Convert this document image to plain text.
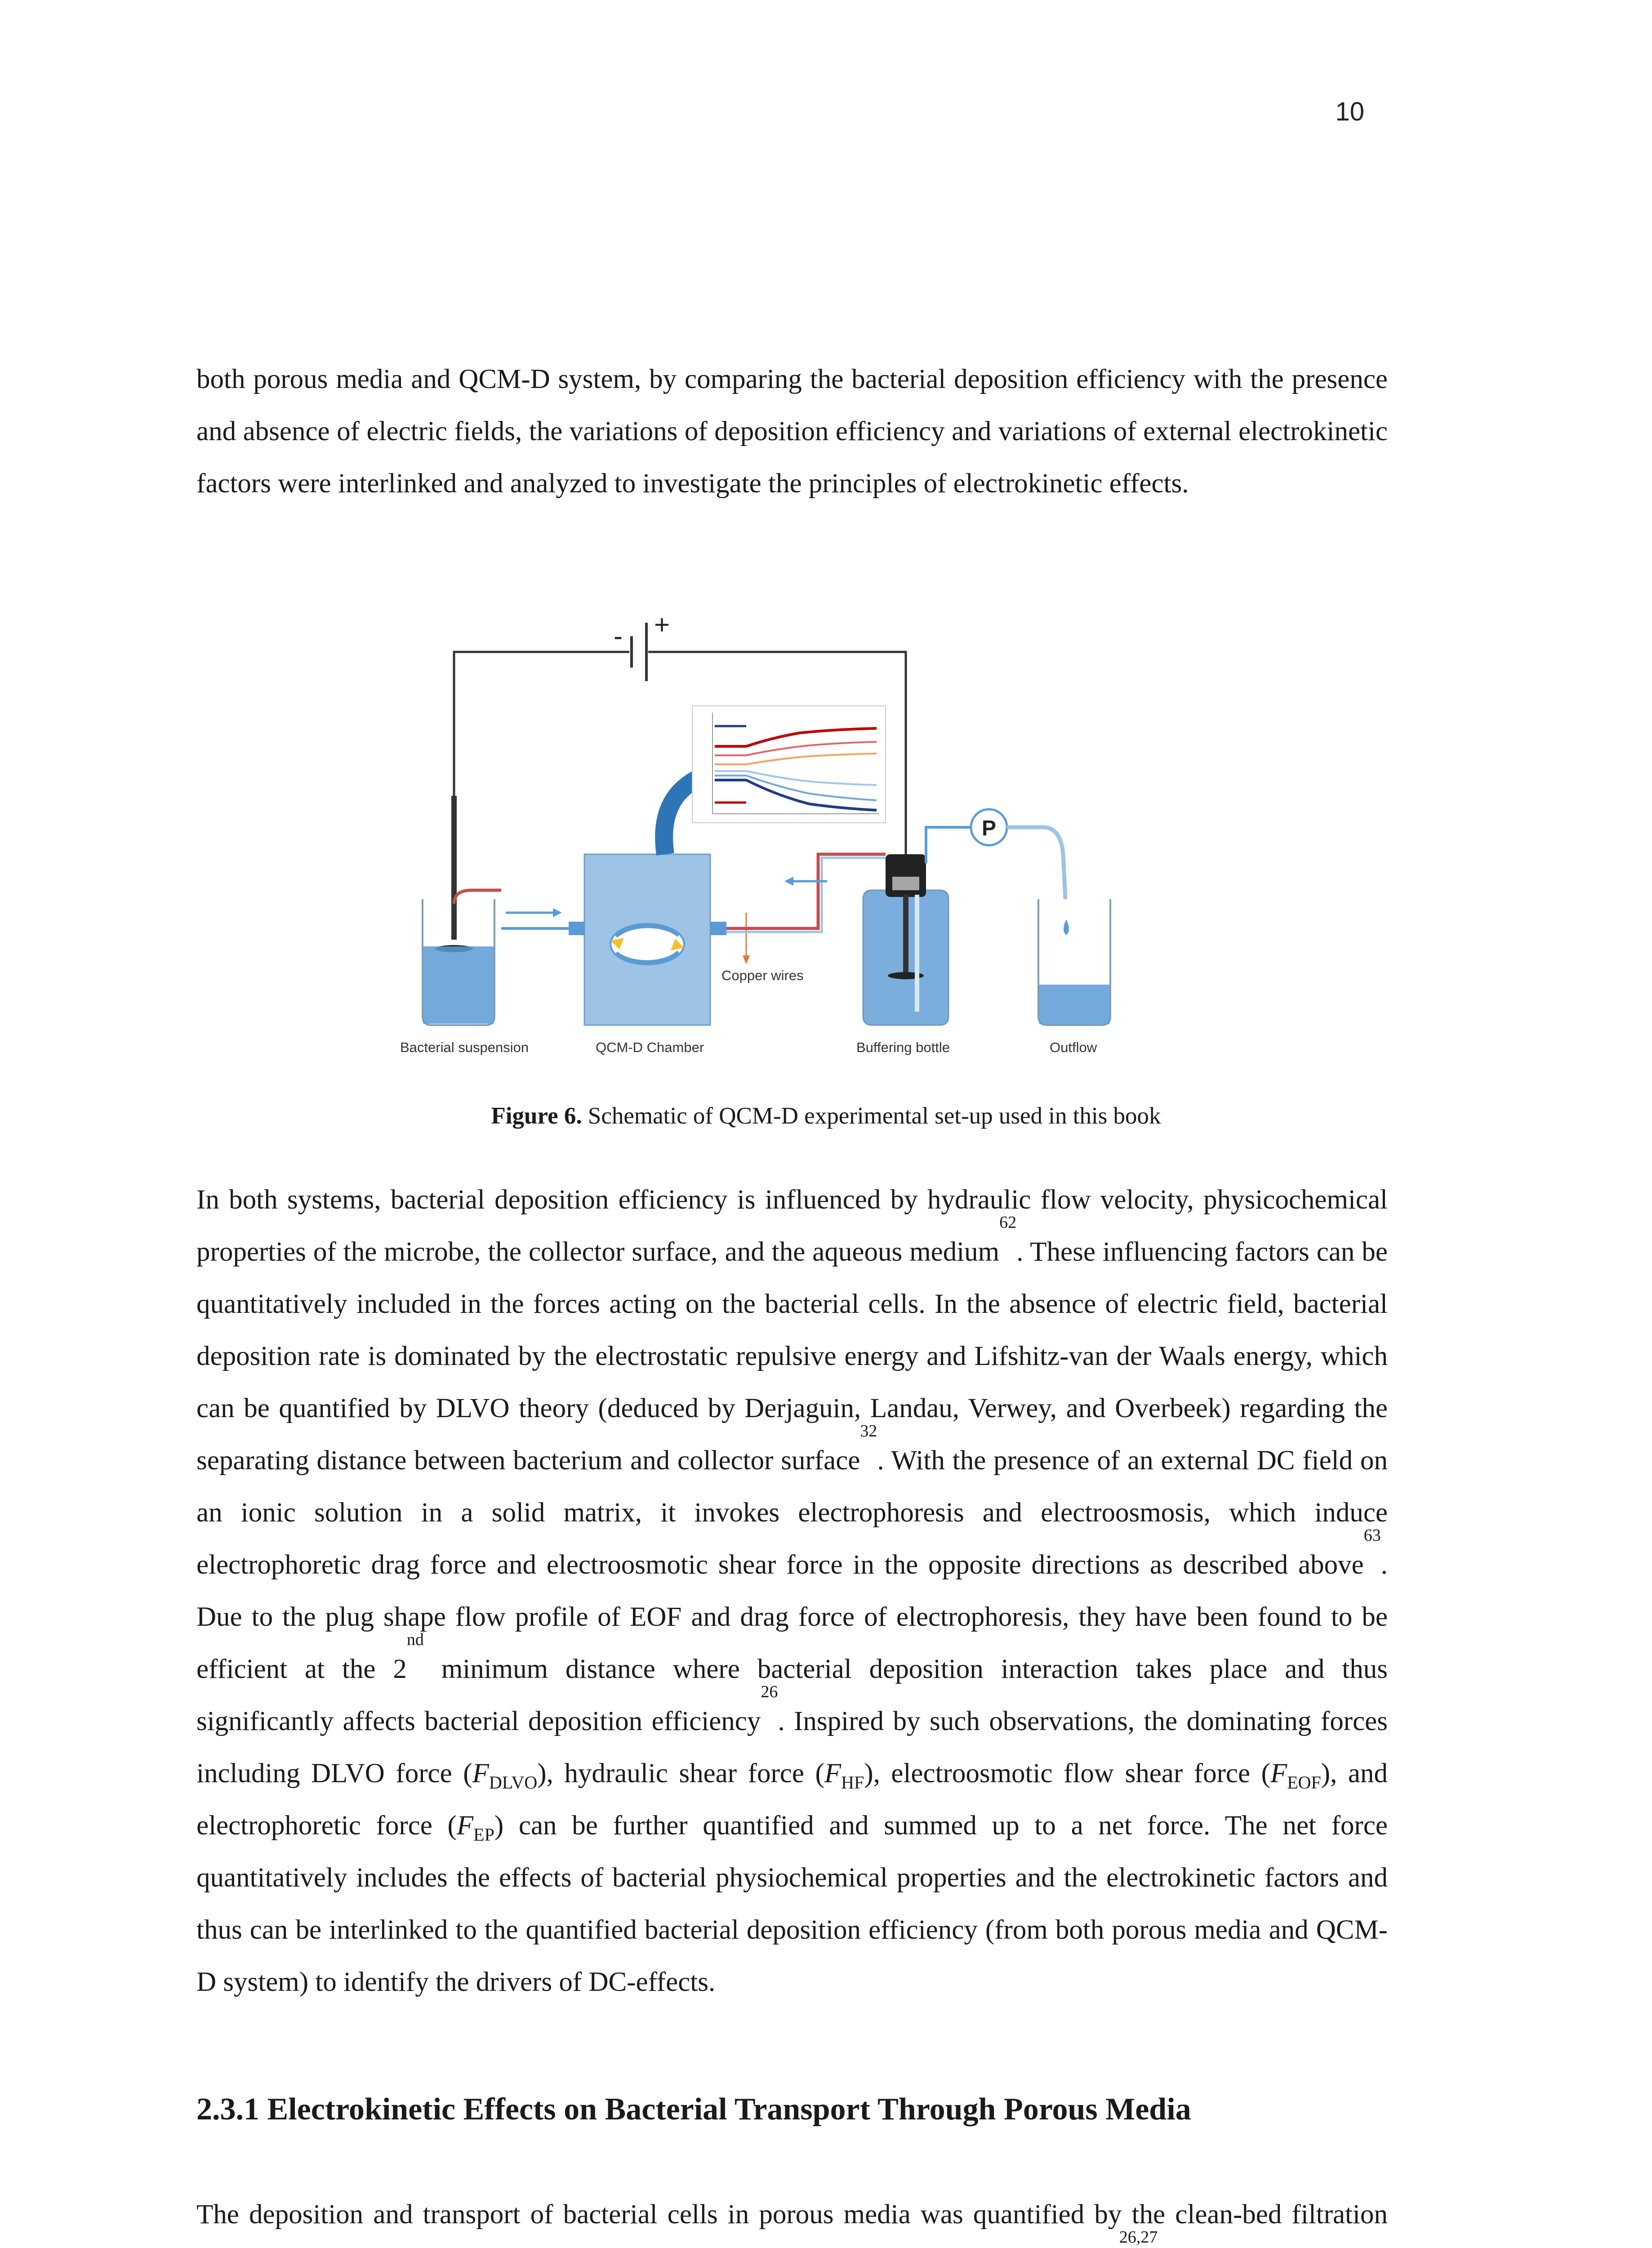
10

both porous media and QCM-D system, by comparing the bacterial deposition efficiency with the presence and absence of electric fields, the variations of deposition efficiency and variations of external electrokinetic factors were interlinked and analyzed to investigate the principles of electrokinetic effects.

- +
Copper wires
P
Bacterial suspension	QCM-D Chamber	Buffering bottle	Outflow
Figure 6. Schematic of QCM-D experimental set-up used in this book

In both systems, bacterial deposition efficiency is influenced by hydraulic flow velocity, physicochemical properties of the microbe, the collector surface, and the aqueous medium$^{62}$. These influencing factors can be quantitatively included in the forces acting on the bacterial cells. In the absence of electric field, bacterial deposition rate is dominated by the electrostatic repulsive energy and Lifshitz-van der Waals energy, which can be quantified by DLVO theory (deduced by Derjaguin, Landau, Verwey, and Overbeek) regarding the separating distance between bacterium and collector surface$^{32}$. With the presence of an external DC field on an ionic solution in a solid matrix, it invokes electrophoresis and electroosmosis, which induce electrophoretic drag force and electroosmotic shear force in the opposite directions as described above$^{63}$. Due to the plug shape flow profile of EOF and drag force of electrophoresis, they have been found to be efficient at the 2nd minimum distance where bacterial deposition interaction takes place and thus significantly affects bacterial deposition efficiency$^{26}$. Inspired by such observations, the dominating forces including DLVO force $(F_{DLVO})$, hydraulic shear force $(F_{HF})$, electroosmotic flow shear force $(F_{EOF})$, and electrophoretic force $(F_{EP})$ can be further quantified and summed up to a net force. The net force quantitatively includes the effects of bacterial physiochemical properties and the electrokinetic factors and thus can be interlinked to the quantified bacterial deposition efficiency (from both porous media and QCM-D system) to identify the drivers of DC-effects.

2.3.1 Electrokinetic Effects on Bacterial Transport Through Porous Media

The deposition and transport of bacterial cells in porous media was quantified by the clean-bed filtration $^{26,27}$
